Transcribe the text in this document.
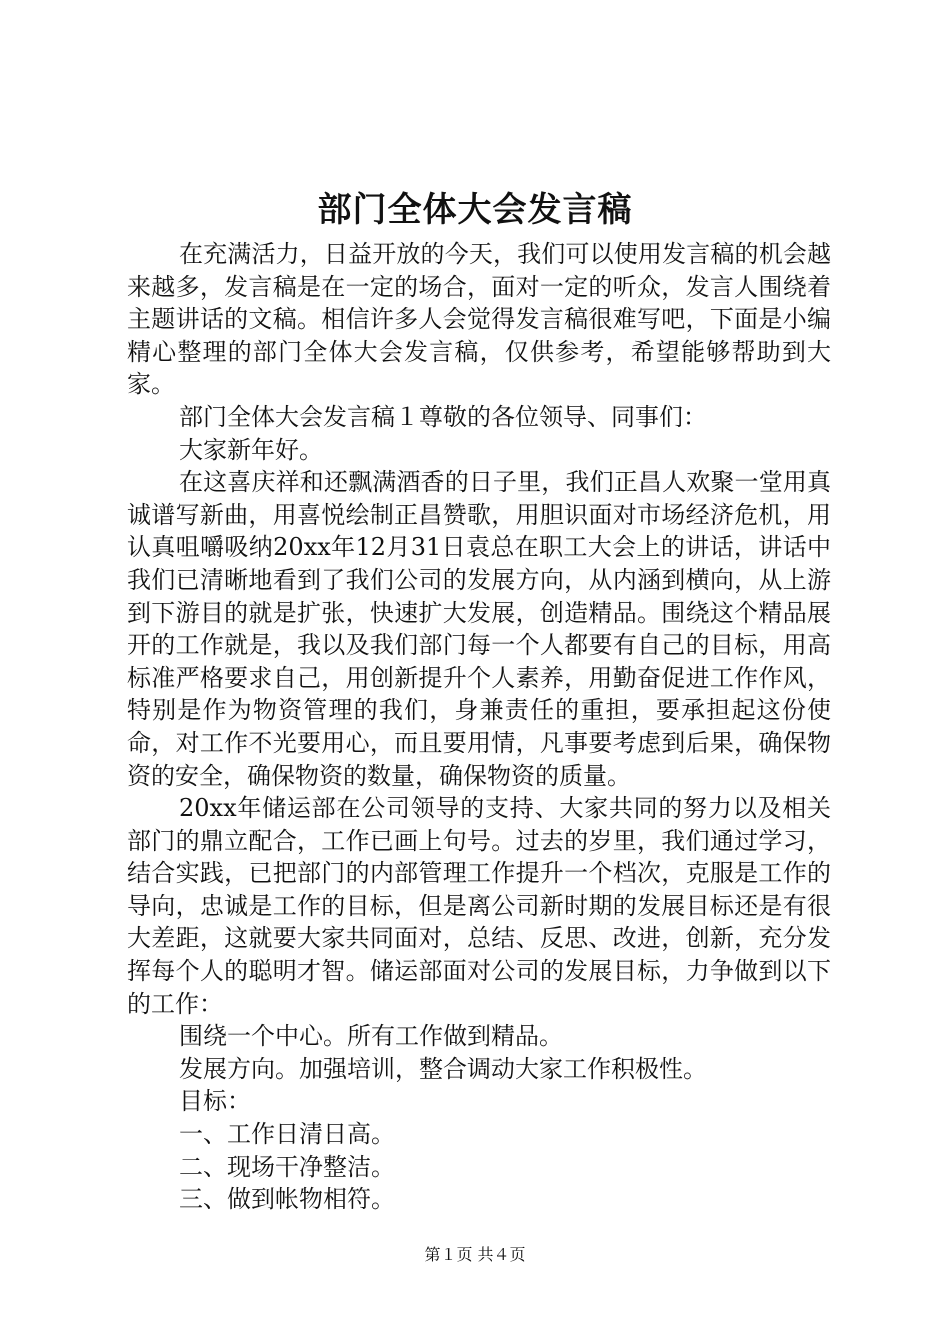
部门全体大会发言稿

在充满活力，日益开放的今天，我们可以使用发言稿的机会越来越多，发言稿是在一定的场合，面对一定的听众，发言人围绕着主题讲话的文稿。相信许多人会觉得发言稿很难写吧，下面是小编精心整理的部门全体大会发言稿，仅供参考，希望能够帮助到大家。

部门全体大会发言稿１尊敬的各位领导、同事们：

大家新年好。

在这喜庆祥和还飘满酒香的日子里，我们正昌人欢聚一堂用真诚谱写新曲，用喜悦绘制正昌赞歌，用胆识面对市场经济危机，用认真咀嚼吸纳20xx年12月31日袁总在职工大会上的讲话，讲话中我们已清晰地看到了我们公司的发展方向，从内涵到横向，从上游到下游目的就是扩张，快速扩大发展，创造精品。围绕这个精品展开的工作就是，我以及我们部门每一个人都要有自己的目标，用高标准严格要求自己，用创新提升个人素养，用勤奋促进工作作风，特别是作为物资管理的我们，身兼责任的重担，要承担起这份使命，对工作不光要用心，而且要用情，凡事要考虑到后果，确保物资的安全，确保物资的数量，确保物资的质量。

20xx年储运部在公司领导的支持、大家共同的努力以及相关部门的鼎立配合，工作已画上句号。过去的岁里，我们通过学习，结合实践，已把部门的内部管理工作提升一个档次，克服是工作的导向，忠诚是工作的目标，但是离公司新时期的发展目标还是有很大差距，这就要大家共同面对，总结、反思、改进，创新，充分发挥每个人的聪明才智。储运部面对公司的发展目标，力争做到以下的工作：

围绕一个中心。所有工作做到精品。

发展方向。加强培训，整合调动大家工作积极性。

目标：

一、工作日清日高。

二、现场干净整洁。

三、做到帐物相符。

第１页 共４页
